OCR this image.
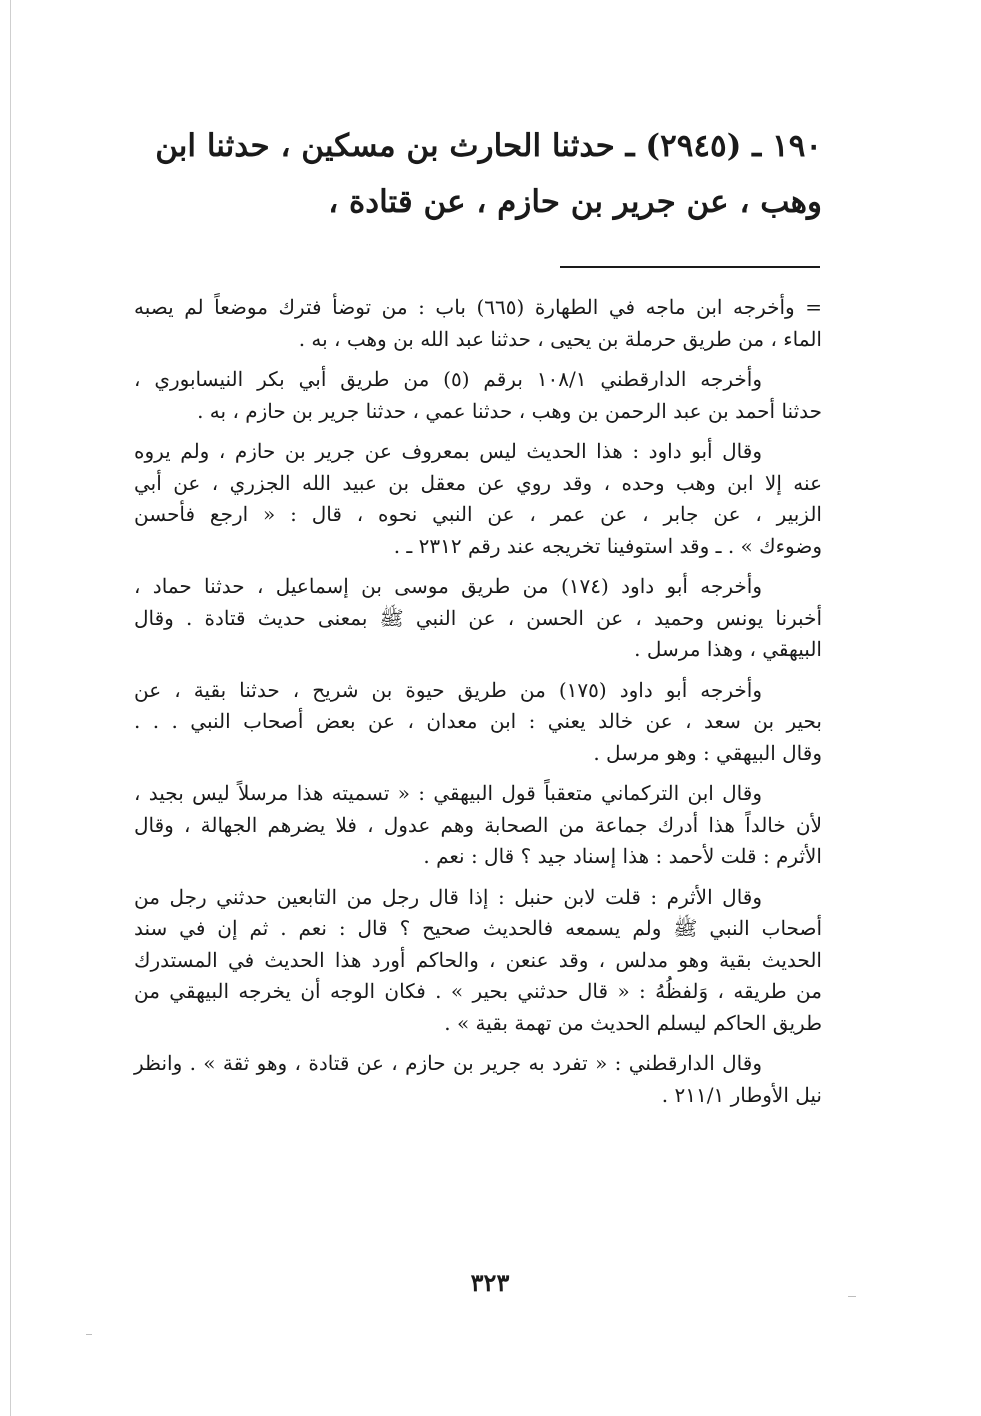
١٩٠ ـ (٢٩٤٥) ـ حدثنا الحارث بن مسكين ، حدثنا ابن
وهب ، عن جرير بن حازم ، عن قتادة ،
= وأخرجه ابن ماجه في الطهارة (٦٦٥) باب : من توضأ فترك موضعاً لم يصبه
الماء ، من طريق حرملة بن يحيى ، حدثنا عبد الله بن وهب ، به .
وأخرجه الدارقطني ١٠٨/١ برقم (٥) من طريق أبي بكر النيسابوري ،
حدثنا أحمد بن عبد الرحمن بن وهب ، حدثنا عمي ، حدثنا جرير بن حازم ، به .
وقال أبو داود : هذا الحديث ليس بمعروف عن جرير بن حازم ، ولم يروه
عنه إلا ابن وهب وحده ، وقد روي عن معقل بن عبيد الله الجزري ، عن أبي
الزبير ، عن جابر ، عن عمر ، عن النبي نحوه ، قال : « ارجع فأحسن
وضوءك » . ـ وقد استوفينا تخريجه عند رقم ٢٣١٢ ـ .
وأخرجه أبو داود (١٧٤) من طريق موسى بن إسماعيل ، حدثنا حماد ،
أخبرنا يونس وحميد ، عن الحسن ، عن النبي ﷺ بمعنى حديث قتادة . وقال
البيهقي ، وهذا مرسل .
وأخرجه أبو داود (١٧٥) من طريق حيوة بن شريح ، حدثنا بقية ، عن
بحير بن سعد ، عن خالد يعني : ابن معدان ، عن بعض أصحاب النبي . . .
وقال البيهقي : وهو مرسل .
وقال ابن التركماني متعقباً قول البيهقي : « تسميته هذا مرسلاً ليس بجيد ،
لأن خالداً هذا أدرك جماعة من الصحابة وهم عدول ، فلا يضرهم الجهالة ، وقال
الأثرم : قلت لأحمد : هذا إسناد جيد ؟ قال : نعم .
وقال الأثرم : قلت لابن حنبل : إذا قال رجل من التابعين حدثني رجل من
أصحاب النبي ﷺ ولم يسمعه فالحديث صحيح ؟ قال : نعم . ثم إن في سند
الحديث بقية وهو مدلس ، وقد عنعن ، والحاكم أورد هذا الحديث في المستدرك
من طريقه ، وَلفظُهُ : « قال حدثني بحير » . فكان الوجه أن يخرجه البيهقي من
طريق الحاكم ليسلم الحديث من تهمة بقية » .
وقال الدارقطني : « تفرد به جرير بن حازم ، عن قتادة ، وهو ثقة » . وانظر
نيل الأوطار ٢١١/١ .
٣٢٣
